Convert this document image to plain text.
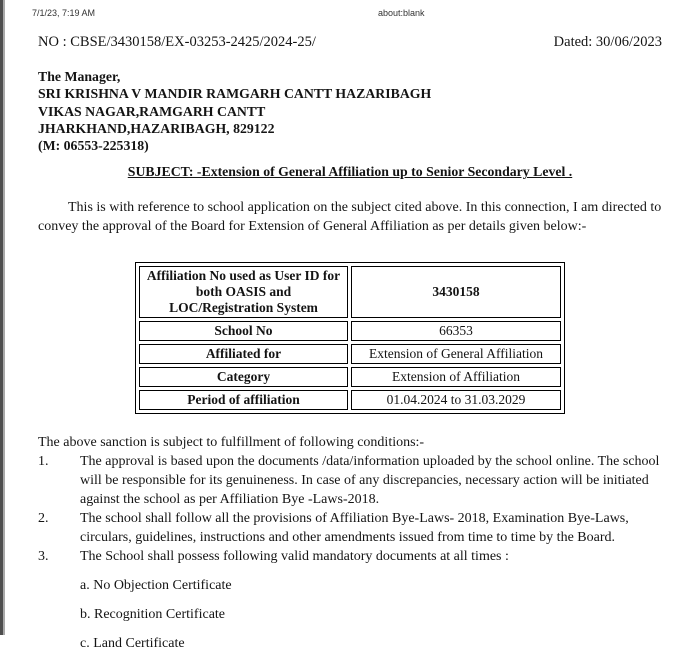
7/1/23, 7:19 AM	about:blank
NO : CBSE/3430158/EX-03253-2425/2024-25/	Dated: 30/06/2023
The Manager,
SRI KRISHNA V MANDIR RAMGARH CANTT HAZARIBAGH
VIKAS NAGAR,RAMGARH CANTT
JHARKHAND,HAZARIBAGH, 829122
(M: 06553-225318)
SUBJECT: -Extension of General Affiliation up to Senior Secondary Level .
This is with reference to school application on the subject cited above. In this connection, I am directed to convey the approval of the Board for Extension of General Affiliation as per details given below:-
Affiliation No used as User ID for both OASIS and LOC/Registration System	3430158
School No	66353
Affiliated for	Extension of General Affiliation
Category	Extension of Affiliation
Period of affiliation	01.04.2024 to 31.03.2029
The above sanction is subject to fulfillment of following conditions:-
1.	The approval is based upon the documents /data/information uploaded by the school online. The school will be responsible for its genuineness. In case of any discrepancies, necessary action will be initiated against the school as per Affiliation Bye -Laws-2018.
2.	The school shall follow all the provisions of Affiliation Bye-Laws- 2018, Examination Bye-Laws, circulars, guidelines, instructions and other amendments issued from time to time by the Board.
3.	The School shall possess following valid mandatory documents at all times :
a. No Objection Certificate
b. Recognition Certificate
c. Land Certificate
